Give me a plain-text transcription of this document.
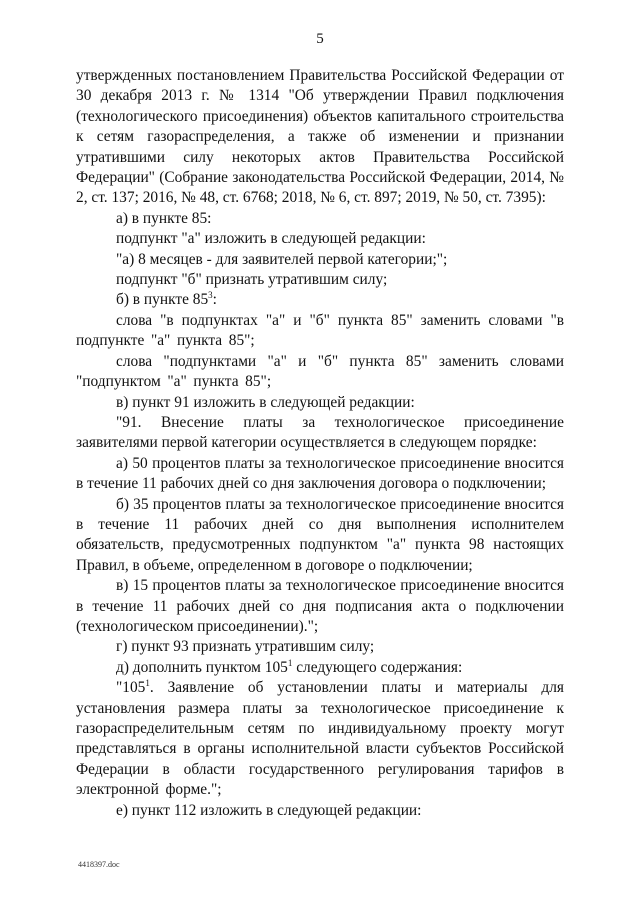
5

утвержденных постановлением Правительства Российской Федерации от 30 декабря 2013 г. № 1314 "Об утверждении Правил подключения (технологического присоединения) объектов капитального строительства к сетям газораспределения, а также об изменении и признании утратившими силу некоторых актов Правительства Российской Федерации" (Собрание законодательства Российской Федерации, 2014, № 2, ст. 137; 2016, № 48, ст. 6768; 2018, № 6, ст. 897; 2019, № 50, ст. 7395):

а) в пункте 85:

подпункт "а" изложить в следующей редакции:

"а) 8 месяцев - для заявителей первой категории;";

подпункт "б" признать утратившим силу;

б) в пункте $85^3$:

слова "в подпунктах "а" и "б" пункта 85" заменить словами "в подпункте "а" пункта 85";

слова "подпунктами "а" и "б" пункта 85" заменить словами "подпунктом "а" пункта 85";

в) пункт 91 изложить в следующей редакции:

"91. Внесение платы за технологическое присоединение заявителями первой категории осуществляется в следующем порядке:

а) 50 процентов платы за технологическое присоединение вносится в течение 11 рабочих дней со дня заключения договора о подключении;

б) 35 процентов платы за технологическое присоединение вносится в течение 11 рабочих дней со дня выполнения исполнителем обязательств, предусмотренных подпунктом "а" пункта 98 настоящих Правил, в объеме, определенном в договоре о подключении;

в) 15 процентов платы за технологическое присоединение вносится в течение 11 рабочих дней со дня подписания акта о подключении (технологическом присоединении).";

г) пункт 93 признать утратившим силу;

д) дополнить пунктом $105^1$ следующего содержания:

"$105^1$. Заявление об установлении платы и материалы для установления размера платы за технологическое присоединение к газораспределительным сетям по индивидуальному проекту могут представляться в органы исполнительной власти субъектов Российской Федерации в области государственного регулирования тарифов в электронной форме.";

е) пункт 112 изложить в следующей редакции:

4418397.doc
